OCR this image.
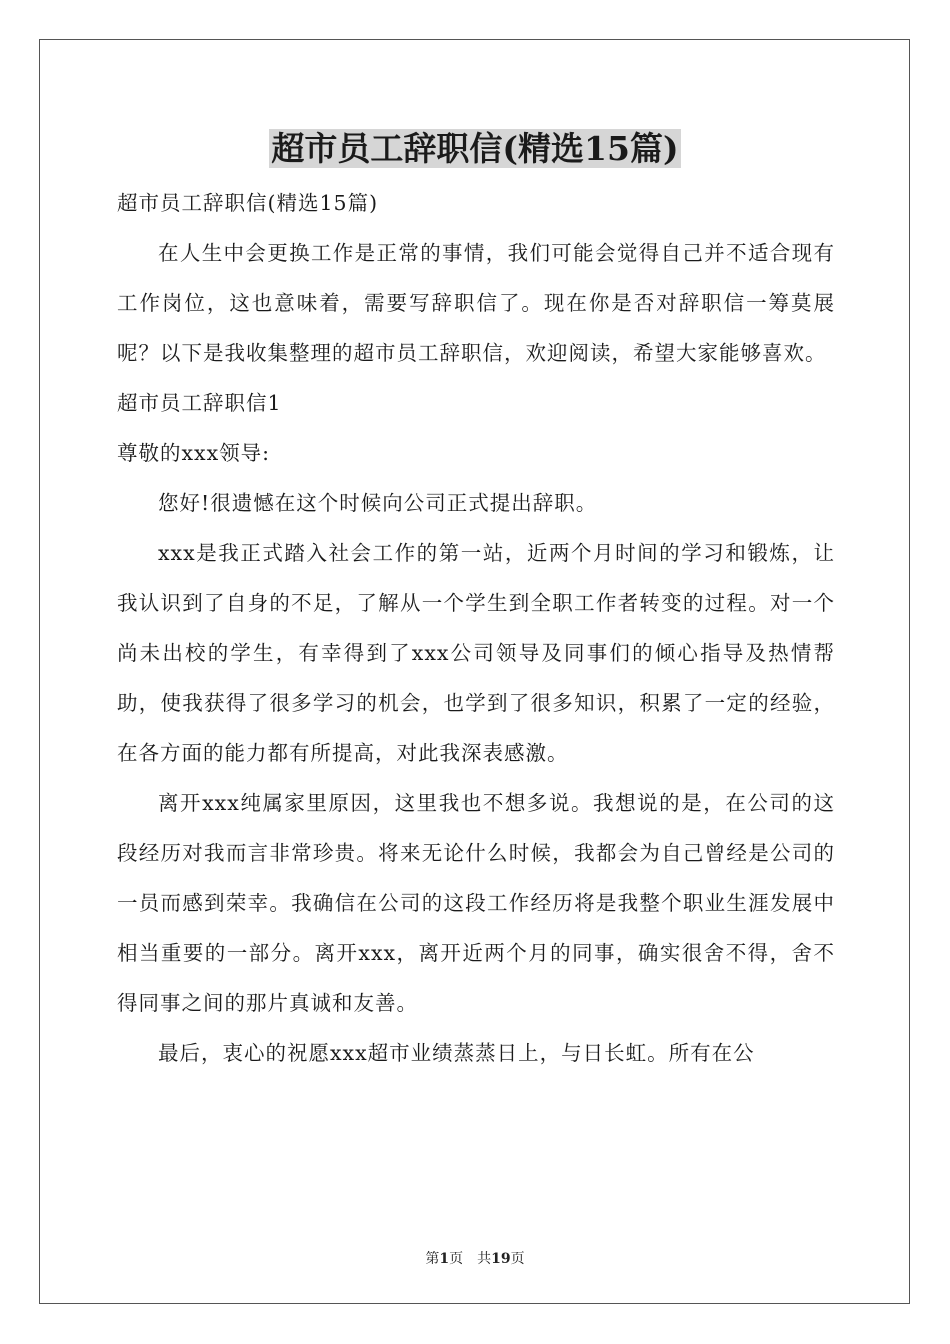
超市员工辞职信(精选15篇)

超市员工辞职信(精选15篇)

在人生中会更换工作是正常的事情，我们可能会觉得自己并不适合现有工作岗位，这也意味着，需要写辞职信了。现在你是否对辞职信一筹莫展呢？以下是我收集整理的超市员工辞职信，欢迎阅读，希望大家能够喜欢。

超市员工辞职信1

尊敬的xxx领导:

您好!很遗憾在这个时候向公司正式提出辞职。

xxx是我正式踏入社会工作的第一站，近两个月时间的学习和锻炼，让我认识到了自身的不足，了解从一个学生到全职工作者转变的过程。对一个尚未出校的学生，有幸得到了xxx公司领导及同事们的倾心指导及热情帮助，使我获得了很多学习的机会，也学到了很多知识，积累了一定的经验，在各方面的能力都有所提高，对此我深表感激。

离开xxx纯属家里原因，这里我也不想多说。我想说的是，在公司的这段经历对我而言非常珍贵。将来无论什么时候，我都会为自己曾经是公司的一员而感到荣幸。我确信在公司的这段工作经历将是我整个职业生涯发展中相当重要的一部分。离开xxx，离开近两个月的同事，确实很舍不得，舍不得同事之间的那片真诚和友善。

最后，衷心的祝愿xxx超市业绩蒸蒸日上，与日长虹。所有在公

第1页　共19页
